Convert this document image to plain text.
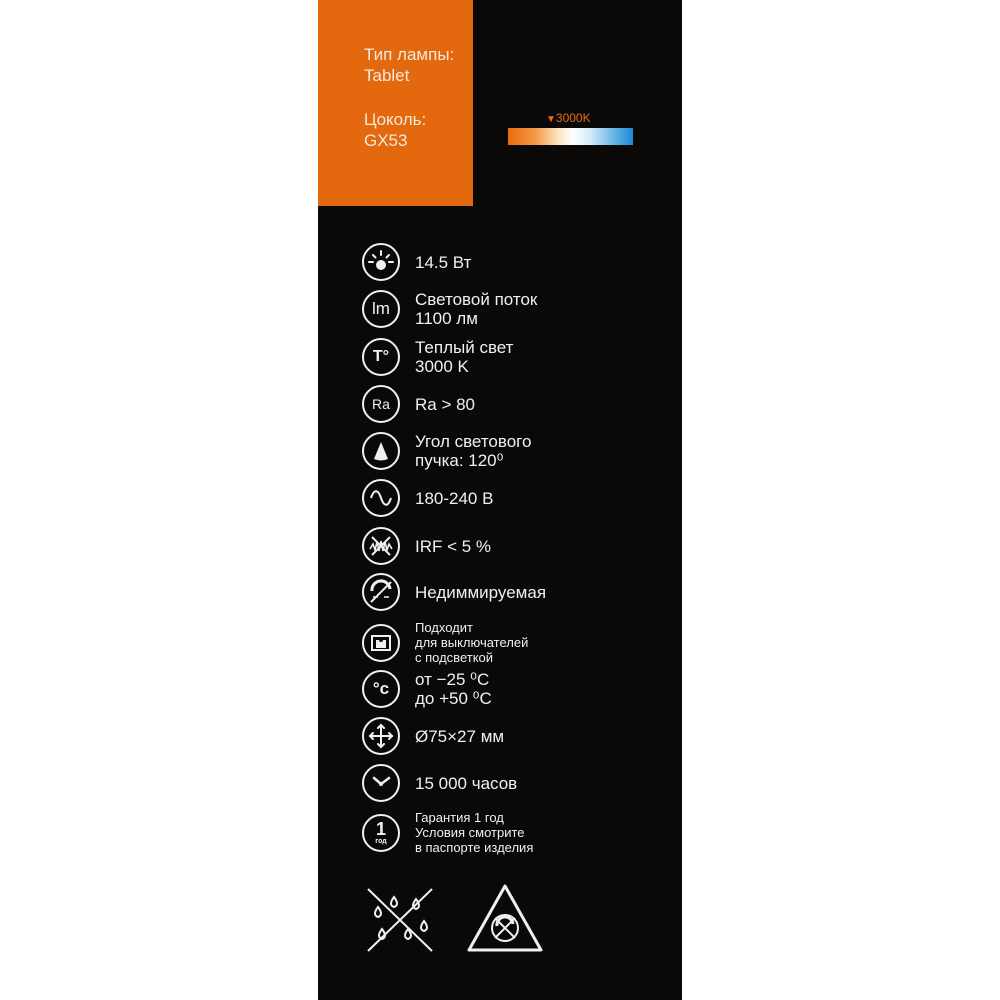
Тип лампы:
Tablet
Цоколь:
GX53
▼3000K
14.5 Вт
lm Световой поток
1100 лм
T° Теплый свет
3000 K
Ra Ra > 80
Угол светового
пучка: 120⁰
180-240 В
IRF < 5 %
Недиммируемая
Подходит
для выключателей
с подсветкой
°c от −25 ⁰С
до +50 ⁰С
Ø75×27 мм
15 000 часов
1
год
Гарантия 1 год
Условия смотрите
в паспорте изделия
